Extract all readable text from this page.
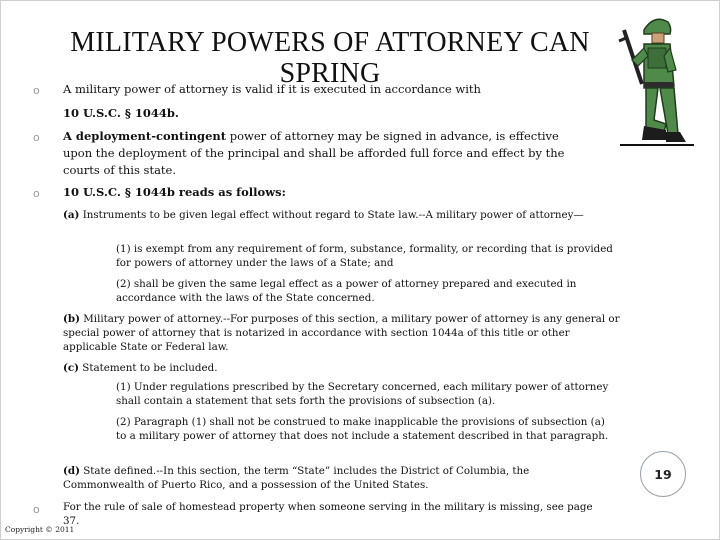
MILITARY POWERS OF ATTORNEY CAN SPRING
o A military power of attorney is valid if it is executed in accordance with
10 U.S.C. § 1044b.
o A deployment-contingent power of attorney may be signed in advance, is effective
upon the deployment of the principal and shall be afforded full force and effect by the
courts of this state.
o 10 U.S.C. § 1044b reads as follows:
(a) Instruments to be given legal effect without regard to State law.--A military power of attorney—
(1) is exempt from any requirement of form, substance, formality, or recording that is provided for powers of attorney under the laws of a State; and
(2) shall be given the same legal effect as a power of attorney prepared and executed in accordance with the laws of the State concerned.
(b) Military power of attorney.--For purposes of this section, a military power of attorney is any general or special power of attorney that is notarized in accordance with section 1044a of this title or other applicable State or Federal law.
(c) Statement to be included.
(1) Under regulations prescribed by the Secretary concerned, each military power of attorney shall contain a statement that sets forth the provisions of subsection (a).
(2) Paragraph (1) shall not be construed to make inapplicable the provisions of subsection (a) to a military power of attorney that does not include a statement described in that paragraph.
(d) State defined.--In this section, the term “State” includes the District of Columbia, the Commonwealth of Puerto Rico, and a possession of the United States.
o For the rule of sale of homestead property when someone serving in the military is missing, see page 37.
19
Copyright © 2011
